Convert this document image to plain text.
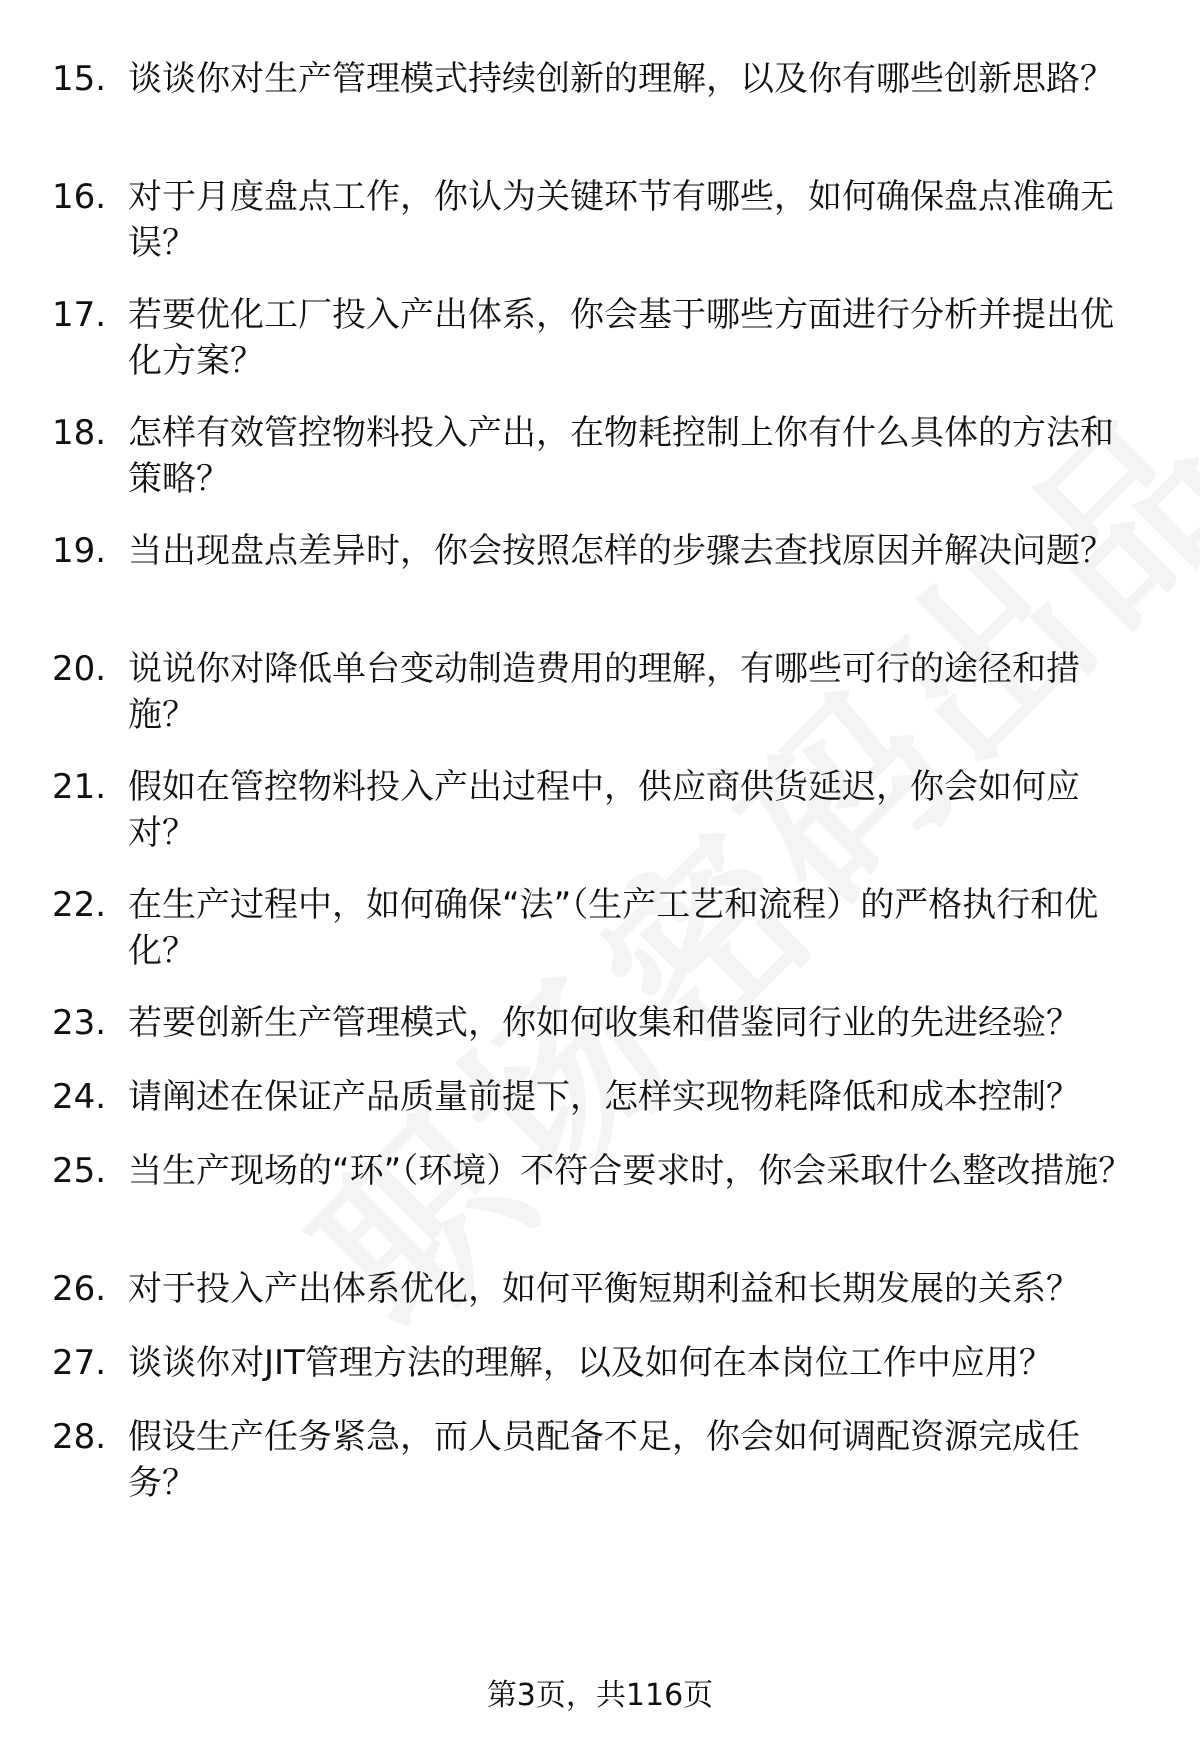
15. 谈谈你对生产管理模式持续创新的理解，以及你有哪些创新思路？
16. 对于月度盘点工作，你认为关键环节有哪些，如何确保盘点准确无误？
17. 若要优化工厂投入产出体系，你会基于哪些方面进行分析并提出优化方案？
18. 怎样有效管控物料投入产出，在物耗控制上你有什么具体的方法和策略？
19. 当出现盘点差异时，你会按照怎样的步骤去查找原因并解决问题？
20. 说说你对降低单台变动制造费用的理解，有哪些可行的途径和措施？
21. 假如在管控物料投入产出过程中，供应商供货延迟，你会如何应对？
22. 在生产过程中，如何确保“法”（生产工艺和流程）的严格执行和优化？
23. 若要创新生产管理模式，你如何收集和借鉴同行业的先进经验？
24. 请阐述在保证产品质量前提下，怎样实现物耗降低和成本控制？
25. 当生产现场的“环”（环境）不符合要求时，你会采取什么整改措施？
26. 对于投入产出体系优化，如何平衡短期利益和长期发展的关系？
27. 谈谈你对JIT管理方法的理解，以及如何在本岗位工作中应用？
28. 假设生产任务紧急，而人员配备不足，你会如何调配资源完成任务？
第3页，共116页
